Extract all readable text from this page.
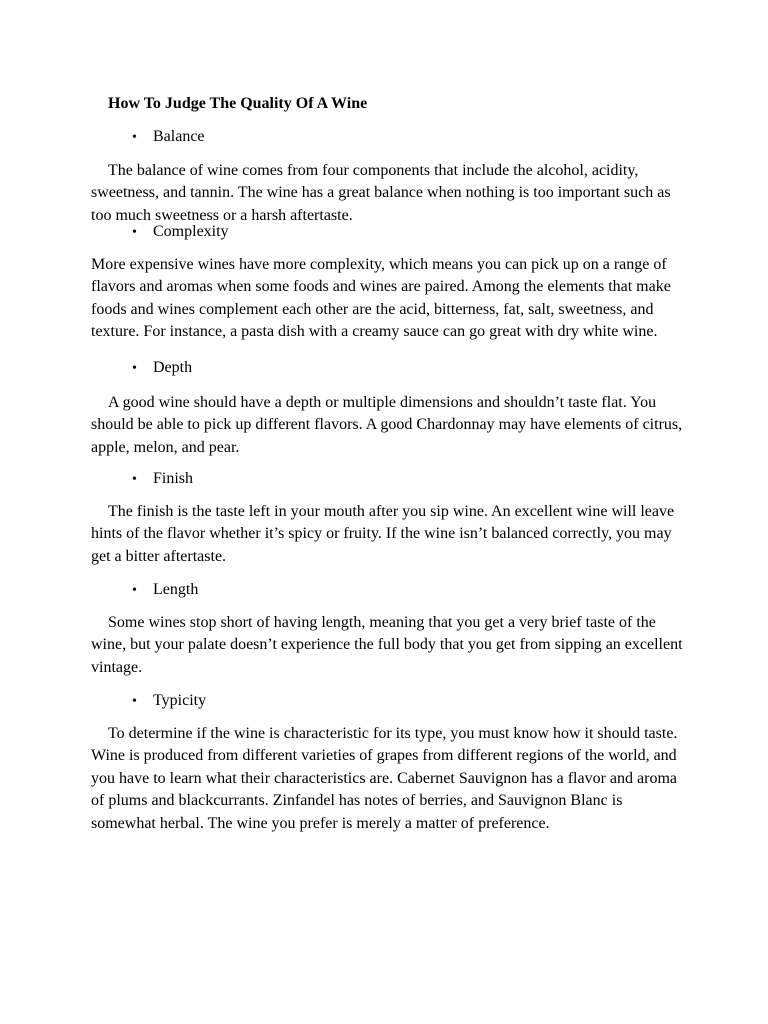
How To Judge The Quality Of A Wine
• Balance

The balance of wine comes from four components that include the alcohol, acidity, sweetness, and tannin. The wine has a great balance when nothing is too important such as too much sweetness or a harsh aftertaste.

• Complexity

More expensive wines have more complexity, which means you can pick up on a range of flavors and aromas when some foods and wines are paired. Among the elements that make foods and wines complement each other are the acid, bitterness, fat, salt, sweetness, and texture. For instance, a pasta dish with a creamy sauce can go great with dry white wine.

• Depth

A good wine should have a depth or multiple dimensions and shouldn’t taste flat. You should be able to pick up different flavors. A good Chardonnay may have elements of citrus, apple, melon, and pear.

• Finish

The finish is the taste left in your mouth after you sip wine. An excellent wine will leave hints of the flavor whether it’s spicy or fruity. If the wine isn’t balanced correctly, you may get a bitter aftertaste.

• Length

Some wines stop short of having length, meaning that you get a very brief taste of the wine, but your palate doesn’t experience the full body that you get from sipping an excellent vintage.

• Typicity

To determine if the wine is characteristic for its type, you must know how it should taste. Wine is produced from different varieties of grapes from different regions of the world, and you have to learn what their characteristics are. Cabernet Sauvignon has a flavor and aroma of plums and blackcurrants. Zinfandel has notes of berries, and Sauvignon Blanc is somewhat herbal. The wine you prefer is merely a matter of preference.
